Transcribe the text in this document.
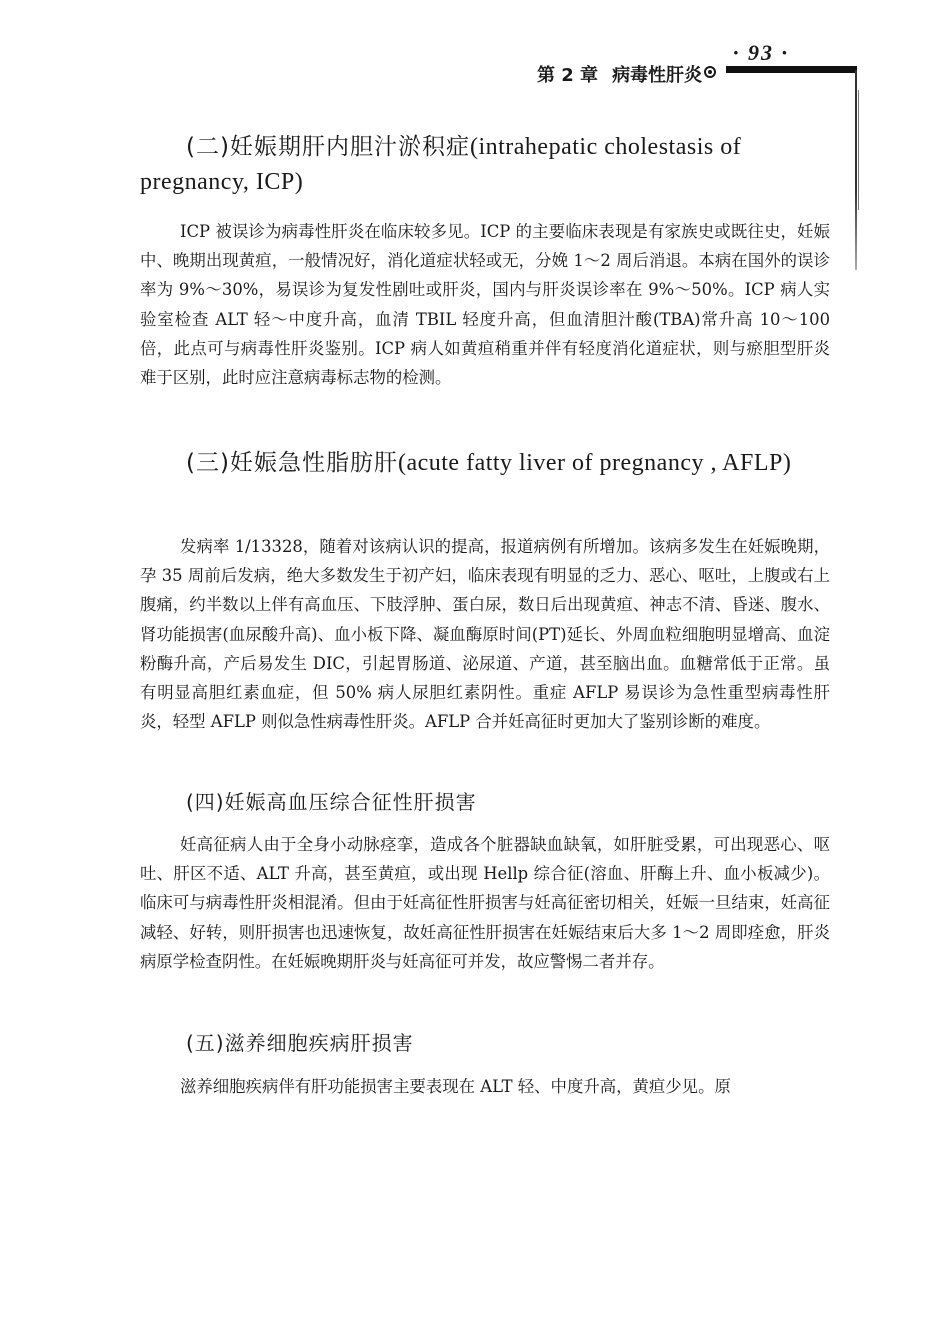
· 93 ·
第 2 章 病毒性肝炎
(二)妊娠期肝内胆汁淤积症(intrahepatic cholestasis of pregnancy, ICP)
ICP 被误诊为病毒性肝炎在临床较多见。ICP 的主要临床表现是有家族史或既往史，妊娠中、晚期出现黄疸，一般情况好，消化道症状轻或无，分娩 1～2 周后消退。本病在国外的误诊率为 9%～30%，易误诊为复发性剧吐或肝炎，国内与肝炎误诊率在 9%～50%。ICP 病人实验室检查 ALT 轻～中度升高，血清 TBIL 轻度升高，但血清胆汁酸(TBA)常升高 10～100 倍，此点可与病毒性肝炎鉴别。ICP 病人如黄疸稍重并伴有轻度消化道症状，则与瘀胆型肝炎难于区别，此时应注意病毒标志物的检测。
(三)妊娠急性脂肪肝(acute fatty liver of pregnancy , AFLP)
发病率 1/13328，随着对该病认识的提高，报道病例有所增加。该病多发生在妊娠晚期，孕 35 周前后发病，绝大多数发生于初产妇，临床表现有明显的乏力、恶心、呕吐，上腹或右上腹痛，约半数以上伴有高血压、下肢浮肿、蛋白尿，数日后出现黄疸、神志不清、昏迷、腹水、肾功能损害(血尿酸升高)、血小板下降、凝血酶原时间(PT)延长、外周血粒细胞明显增高、血淀粉酶升高，产后易发生 DIC，引起胃肠道、泌尿道、产道，甚至脑出血。血糖常低于正常。虽有明显高胆红素血症，但 50% 病人尿胆红素阴性。重症 AFLP 易误诊为急性重型病毒性肝炎，轻型 AFLP 则似急性病毒性肝炎。AFLP 合并妊高征时更加大了鉴别诊断的难度。
(四)妊娠高血压综合征性肝损害
妊高征病人由于全身小动脉痉挛，造成各个脏器缺血缺氧，如肝脏受累，可出现恶心、呕吐、肝区不适、ALT 升高，甚至黄疸，或出现 Hellp 综合征(溶血、肝酶上升、血小板减少)。临床可与病毒性肝炎相混淆。但由于妊高征性肝损害与妊高征密切相关，妊娠一旦结束，妊高征减轻、好转，则肝损害也迅速恢复，故妊高征性肝损害在妊娠结束后大多 1～2 周即痊愈，肝炎病原学检查阴性。在妊娠晚期肝炎与妊高征可并发，故应警惕二者并存。
(五)滋养细胞疾病肝损害
滋养细胞疾病伴有肝功能损害主要表现在 ALT 轻、中度升高，黄疸少见。原
